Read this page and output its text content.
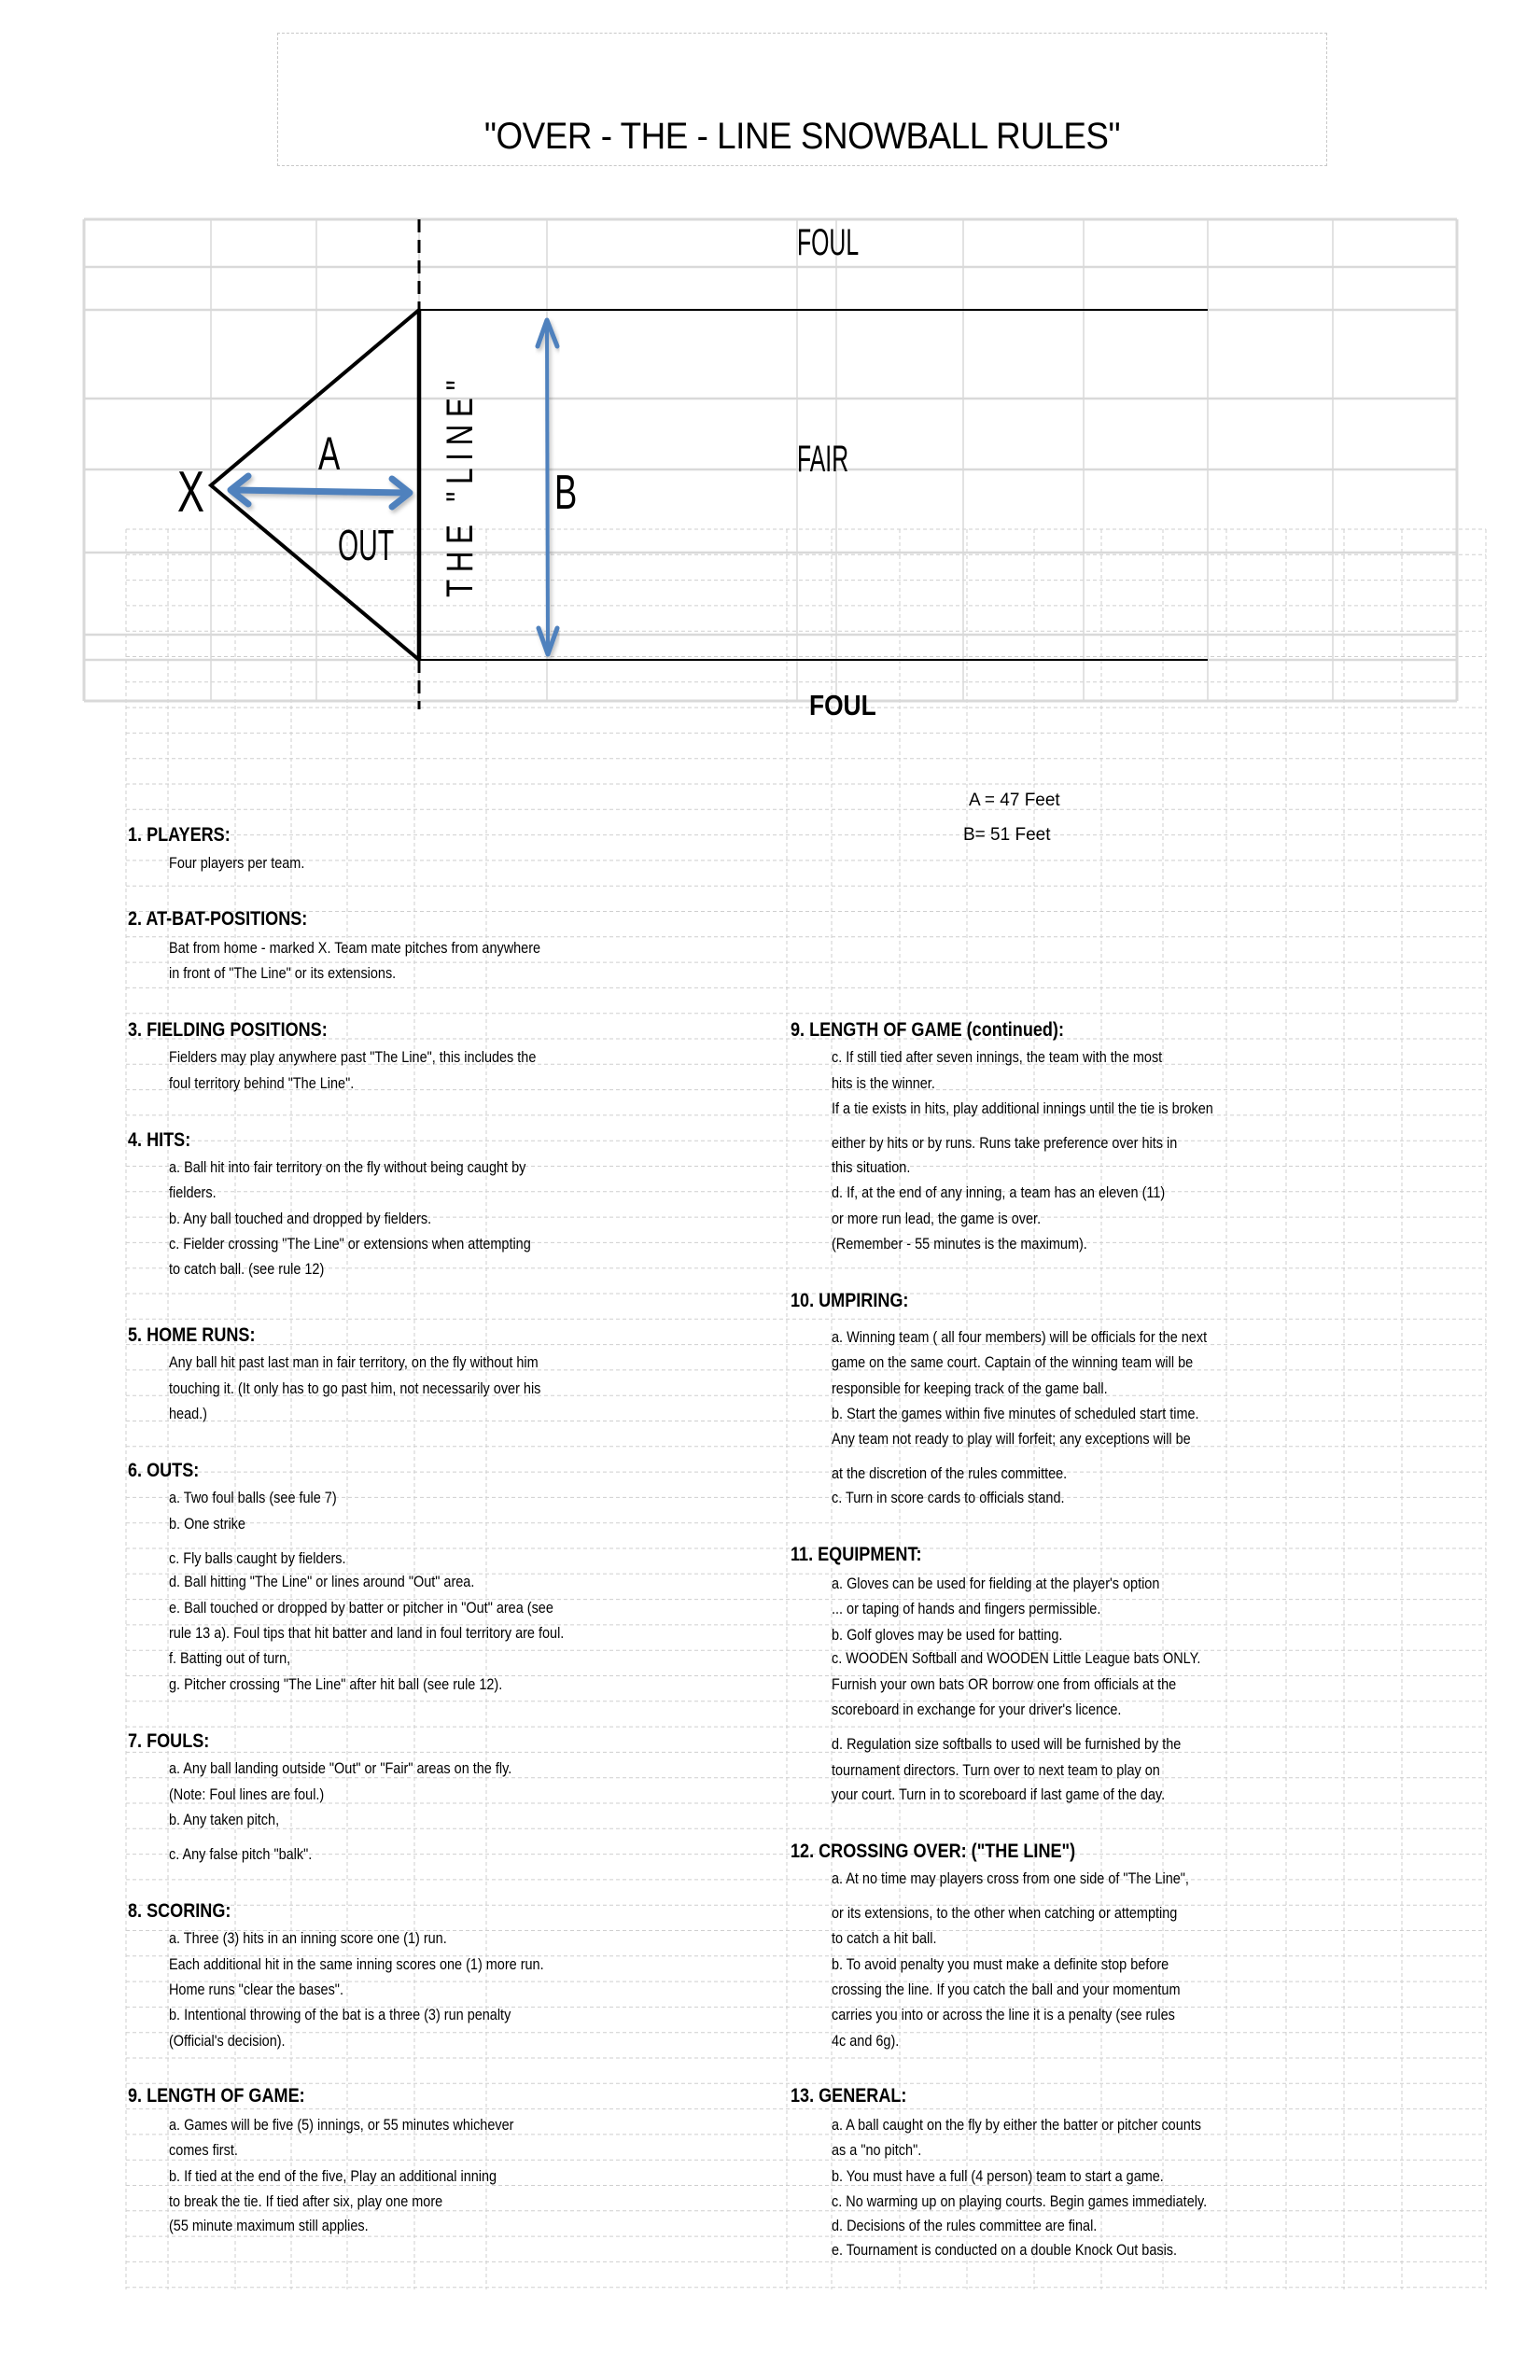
"OVER - THE - LINE SNOWBALL RULES"
X
A
OUT THE "LINE" B
FOUL
FAIR
FOUL
A = 47 Feet
B= 51 Feet
1. PLAYERS:
Four players per team.
2. AT-BAT-POSITIONS:
Bat from home - marked X. Team mate pitches from anywhere
in front of "The Line" or its extensions.
3. FIELDING POSITIONS:
Fielders may play anywhere past "The Line", this includes the
foul territory behind "The Line".
4. HITS:
a. Ball hit into fair territory on the fly without being caught by
fielders.
b. Any ball touched and dropped by fielders.
c. Fielder crossing "The Line" or extensions when attempting
to catch ball. (see rule 12)
5. HOME RUNS:
Any ball hit past last man in fair territory, on the fly without him
touching it. (It only has to go past him, not necessarily over his
head.)
6. OUTS:
a. Two foul balls (see fule 7)
b. One strike
c. Fly balls caught by fielders.
d. Ball hitting "The Line" or lines around "Out" area.
e. Ball touched or dropped by batter or pitcher in "Out" area (see
rule 13 a). Foul tips that hit batter and land in foul territory are foul.
f. Batting out of turn,
g. Pitcher crossing "The Line" after hit ball (see rule 12).
7. FOULS:
a. Any ball landing outside "Out" or "Fair" areas on the fly.
(Note: Foul lines are foul.)
b. Any taken pitch,
c. Any false pitch "balk".
8. SCORING:
a. Three (3) hits in an inning score one (1) run.
Each additional hit in the same inning scores one (1) more run.
Home runs "clear the bases".
b. Intentional throwing of the bat is a three (3) run penalty
(Official's decision).
9. LENGTH OF GAME:
a. Games will be five (5) innings, or 55 minutes whichever
comes first.
b. If tied at the end of the five, Play an additional inning
to break the tie. If tied after six, play one more
(55 minute maximum still applies.
9. LENGTH OF GAME (continued):
c. If still tied after seven innings, the team with the most
hits is the winner.
If a tie exists in hits, play additional innings until the tie is broken
either by hits or by runs. Runs take preference over hits in
this situation.
d. If, at the end of any inning, a team has an eleven (11)
or more run lead, the game is over.
(Remember - 55 minutes is the maximum).
10. UMPIRING:
a. Winning team ( all four members) will be officials for the next
game on the same court. Captain of the winning team will be
responsible for keeping track of the game ball.
b. Start the games within five minutes of scheduled start time.
Any team not ready to play will forfeit; any exceptions will be
at the discretion of the rules committee.
c. Turn in score cards to officials stand.
11. EQUIPMENT:
a. Gloves can be used for fielding at the player's option
... or taping of hands and fingers permissible.
b. Golf gloves may be used for batting.
c. WOODEN Softball and WOODEN Little League bats ONLY.
Furnish your own bats OR borrow one from officials at the
scoreboard in exchange for your driver's licence.
d. Regulation size softballs to used will be furnished by the
tournament directors. Turn over to next team to play on
your court. Turn in to scoreboard if last game of the day.
12. CROSSING OVER: ("THE LINE")
a. At no time may players cross from one side of "The Line",
or its extensions, to the other when catching or attempting
to catch a hit ball.
b. To avoid penalty you must make a definite stop before
crossing the line. If you catch the ball and your momentum
carries you into or across the line it is a penalty (see rules
4c and 6g).
13. GENERAL:
a. A ball caught on the fly by either the batter or pitcher counts
as a "no pitch".
b. You must have a full (4 person) team to start a game.
c. No warming up on playing courts. Begin games immediately.
d. Decisions of the rules committee are final.
e. Tournament is conducted on a double Knock Out basis.
